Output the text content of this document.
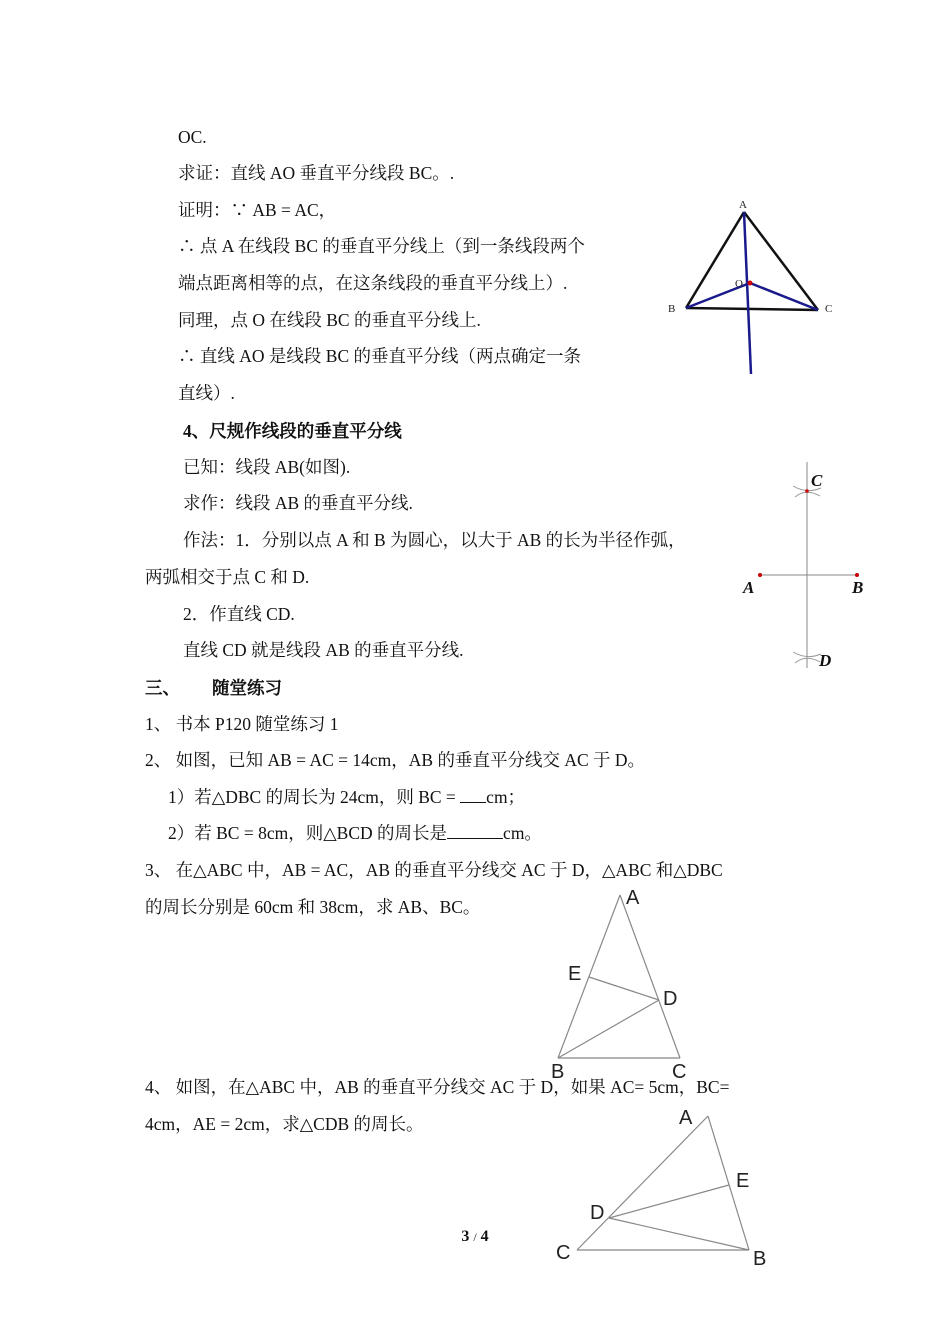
OC.
求证：直线 AO 垂直平分线段 BC。.
证明：∵ AB = AC，
∴ 点 A 在线段 BC 的垂直平分线上（到一条线段两个
端点距离相等的点，在这条线段的垂直平分线上）.
同理，点 O 在线段 BC 的垂直平分线上.
∴ 直线 AO 是线段 BC 的垂直平分线（两点确定一条
直线）.
4、尺规作线段的垂直平分线
已知：线段 AB(如图).
求作：线段 AB 的垂直平分线.
作法：1．分别以点 A 和 B 为圆心，以大于 AB 的长为半径作弧，
两弧相交于点 C 和 D.
2．作直线 CD.
直线 CD 就是线段 AB 的垂直平分线.
三、 随堂练习
1、 书本 P120 随堂练习 1
2、 如图，已知 AB = AC = 14cm，AB 的垂直平分线交 AC 于 D。
1）若△DBC 的周长为 24cm，则 BC = cm；
2）若 BC = 8cm，则△BCD 的周长是	cm。
3、 在△ABC 中，AB = AC，AB 的垂直平分线交 AC 于 D，△ABC 和△DBC
的周长分别是 60cm 和 38cm，求 AB、BC。
4、 如图，在△ABC 中，AB 的垂直平分线交 AC 于 D，如果 AC= 5cm，BC=
4cm，AE = 2cm，求△CDB 的周长。
A
B	C
O
A	B
C
D
A
E
D
B	C
A
E
D
C	B
3 / 4
